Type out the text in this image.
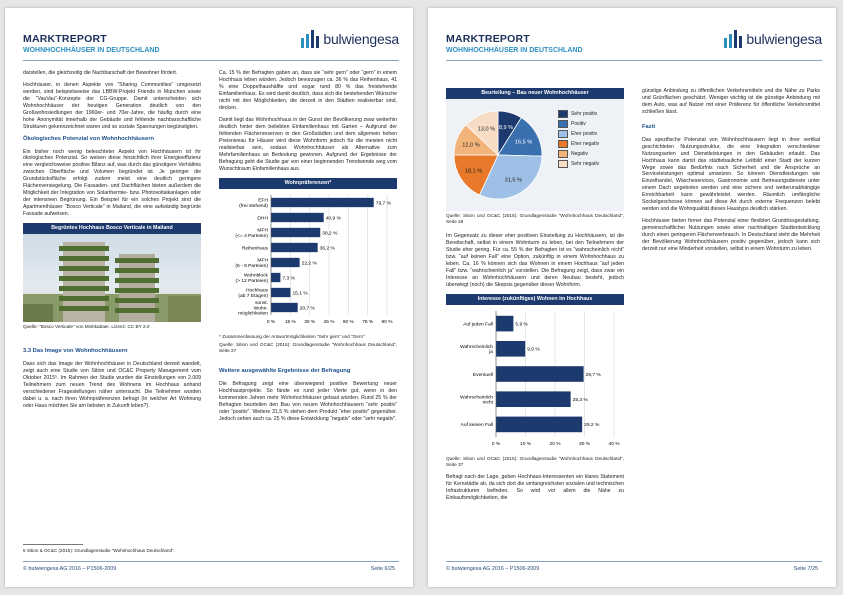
MARKTREPORT
WOHNHOCHHÄUSER IN DEUTSCHLAND
bulwiengesa

darstellen, die gleichzeitig die Nachbarschaft der Bewohner fördert.

Hochhäuser, in denen Aspekte von “Sharing Communities” umgesetzt werden, sind beispielsweise das LBBW-Projekt Friends in München sowie die “VauVau”-Konzepte der CG-Gruppe. Damit unterscheiden sich Wohnhochhäuser der heutigen Generation deutlich von den Großwohnsiedlungen der 1960er- und 70er-Jahre, die häufig durch eine hohe Anonymität innerhalb der Gebäude und fehlende nachbarschaftliche Strukturen gekennzeichnet waren und so soziale Spannungen begünstigten.

Ökologisches Potenzial von Wohnhochhäusern

Ein bisher noch wenig beleuchteter Aspekt von Hochhäusern ist ihr ökologisches Potenzial. So weisen diese hinsichtlich ihrer Energieeffizienz eine vergleichsweise positive Bilanz auf, was durch das günstigere Verhältnis zwischen Oberfläche und Volumen begründet ist. Je geringer die Grundstücksfläche erfolgt zudem meist eine deutlich geringere Flächenversiegelung. Die Fassaden- und Dachflächen bieten außerdem die Möglichkeit der Integration von Solarthermie- bzw. Photovoltaikanlagen oder der intensiven Begrünung. Ein Beispiel für ein solches Projekt sind die Apartmenthäuser “Bosco Verticale” in Mailand, die eine aufwändig begrünte Fassade aufweisen.

Begrüntes Hochhaus Bosco Verticale in Mailand
Quelle: “Bosco Verticale” von Mishkabaer. Lizenz: CC BY 2.0
3.3 Das Image von Wohnhochhäusern

Dass sich das Image der Wohnhochhäuser in Deutschland derzeit wandelt, zeigt auch eine Studie von Sition und OC&C Property Management vom Oktober 2015⁵. Im Rahmen der Studie wurden die Einstellungen von 2.009 Teilnehmern zum neuen Trend des Wohnens im Hochhaus anhand verschiedener Fragestellungen näher untersucht. Die Teilnehmer wurden dabei u. a. nach ihren Wohnpräferenzen befragt (In welcher Art Wohnung oder Haus möchten Sie am liebsten in Zukunft leben?).

5 Sition & OC&C (2015): Grundlagenstudie “Wohnhochhaus Deutschland”.

Ca. 15 % der Befragten gaben an, dass sie “sehr gern” oder “gern” in einem Hochhaus leben würden. Jedoch bevorzugen ca. 36 % das Reihenhaus, 41 % eine Doppelhaushälfte und sogar rund 80 % das freistehende Einfamilienhaus. Es wird damit deutlich, dass sich die bestehenden Wünsche nicht mit den Möglichkeiten, die derzeit in den Städten realisierbar sind, decken.

Damit liegt das Wohnhochhaus in der Gunst der Bevölkerung zwar weiterhin deutlich hinter dem beliebten Einfamilienhaus mit Garten – Aufgrund der fehlenden Flächenreserven in den Großstädten und dem allgemein hohen Preisniveau für Häuser wird diese Wohnform jedoch für die meisten nicht realisierbar sein, sodass Wohnhochhäuser als Alternative zum Mehrfamilienhaus an Bedeutung gewinnen. Aufgrund der Ergebnisse der Befragung geht die Studie gar von einer beginnenden Trendwende weg vom Wunschtraum Einfamilienhaus aus.

Wohnpräferenzen*
0 % 15 % 30 % 45 % 60 % 75 % 90 %
EFH (frei stehend)
79,7 %
DHH	40,9 %
MFH (<= 4 Parteien)
38,2 %
Reihenhaus	36,2 %
MFH (5 - 8 Parteien)
22,2 %
Wohnblock (> 12 Parteien)
7,3 %
Hochhaus (ab 7 Etagen)
15,1 %
sonst. Wohn-möglichkeiten
20,7 %
* Zusammenfassung der Antwortmöglichkeiten “Sehr gern” und “Gern”
Quelle: Sition und OC&C (2015): Grundlagenstudie “Wohnhochhaus Deutschland”, Seite 27
Weitere ausgewählte Ergebnisse der Befragung

Die Befragung zeigt eine überwiegend positive Bewertung neuer Hochhausprojekte. So fände es rund jeder Vierte gut, wenn in den kommenden Jahren mehr Wohnhochhäuser gebaut würden. Rund 25 % der Befragten beurteilen den Bau von neuen Wohnhochhäusern “sehr positiv” oder “positiv”. Weitere 31,5 % stehen dem Produkt “eher positiv” gegenüber. Jedoch sehen auch ca. 25 % diese Entwicklung “negativ” oder “sehr negativ”.

© bulwiengesa AG 2016 – P1506-2009	Seite 6/25
MARKTREPORT
WOHNHOCHHÄUSER IN DEUTSCHLAND
bulwiengesa
Beurteilung – Bau neuer Wohnhochhäuser
8,9 %
16,5 %
31,5 %
18,1 %
12,0 %
13,0 %
Sehr positiv
Positiv
Eher positiv
Eher negativ
Negativ
Sehr negativ
Quelle: Sition und OC&C (2015): Grundlagenstudie “Wohnhochhaus Deutschland”, Seite 28

Im Gegensatz zu dieser eher positiven Einstellung zu Hochhäusern, ist die Bereitschaft, selbst in einem Wohnturm zu leben, bei den Teilnehmern der Studie eher gering. Für ca. 55 % der Befragten ist es “wahrscheinlich nicht” bzw. “auf keinen Fall” eine Option, zukünftig in einem Wohnhochhaus zu leben. Ca. 16 % können sich das Wohnen in einem Hochhaus “auf jeden Fall” bzw. “wahrscheinlich ja” vorstellen. Die Befragung zeigt, dass zwar ein Interesse an Wohnhochhäusern und deren Neubau besteht, jedoch überwiegt (noch) die Skepsis gegenüber dieser Wohnform.

Interesse (zukünftiges) Wohnen im Hochhaus
0 %	10 %	20 %	30 %	40 %
Auf jeden Fall	5,9 %
Wahrscheinlich ja
9,9 %
Eventuell	29,7 %
Wahrscheinlich nicht
25,3 %
Auf keinen Fall	29,2 %
Quelle: Sition und OC&C (2015): Grundlagenstudie “Wohnhochhaus Deutschland”, Seite 37

Befragt nach der Lage, geben Hochhaus-Interessenten ein klares Statement für Kernstädte ab, da sich dort die umfangreichsten sozialen und technischen Infrastrukturen befinden. So wird vor allem die Nähe zu Einkaufsmöglichkeiten, die

günstige Anbindung zu öffentlichen Verkehrsmitteln und die Nähe zu Parks und Grünflächen geschätzt. Weniger wichtig ist die günstige Anbindung mit dem Auto, was auf Nutzer mit einer Präferenz für öffentliche Verkehrsmittel schließen lässt.

Fazit

Das spezifische Potenzial von Wohnhochhäusern liegt in ihrer vertikal geschichteten Nutzungsstruktur, die eine Integration verschiedener Nutzungsarten und Dienstleistungen in den Gebäuden erlaubt. Das Hochhaus kann damit das städtebauliche Leitbild einer Stadt der kurzen Wege sowie das Bedürfnis nach Sicherheit und die Ansprüche an Serviceleistungen optimal umsetzen. So können Dienstleistungen wie Einzelhandel, Wäscheservices, Gastronomie und Betreuungsdienste unter einem Dach angeboten werden und eine sichere und wetterunabhängige Erreichbarkeit kann gewährleistet werden. Räumlich umfängliche Sockelgeschosse können auf diese Art durch externe Frequenzen belebt werden und die Wohnqualität dieses Haustyps deutlich stärken.

Hochhäuser bieten ferner das Potenzial einer flexiblen Grundrissgestaltung, gemeinschaftlicher Nutzungen sowie einer nachhaltigen Stadtentwicklung durch einen geringeren Flächenverbrauch. In Deutschland steht die Mehrheit der Bevölkerung Wohnhochhäusern positiv gegenüber, jedoch kann sich derzeit nur eine Minderheit vorstellen, selbst in einem Wohnturm zu leben.

© bulwiengesa AG 2016 – P1506-2009	Seite 7/25
